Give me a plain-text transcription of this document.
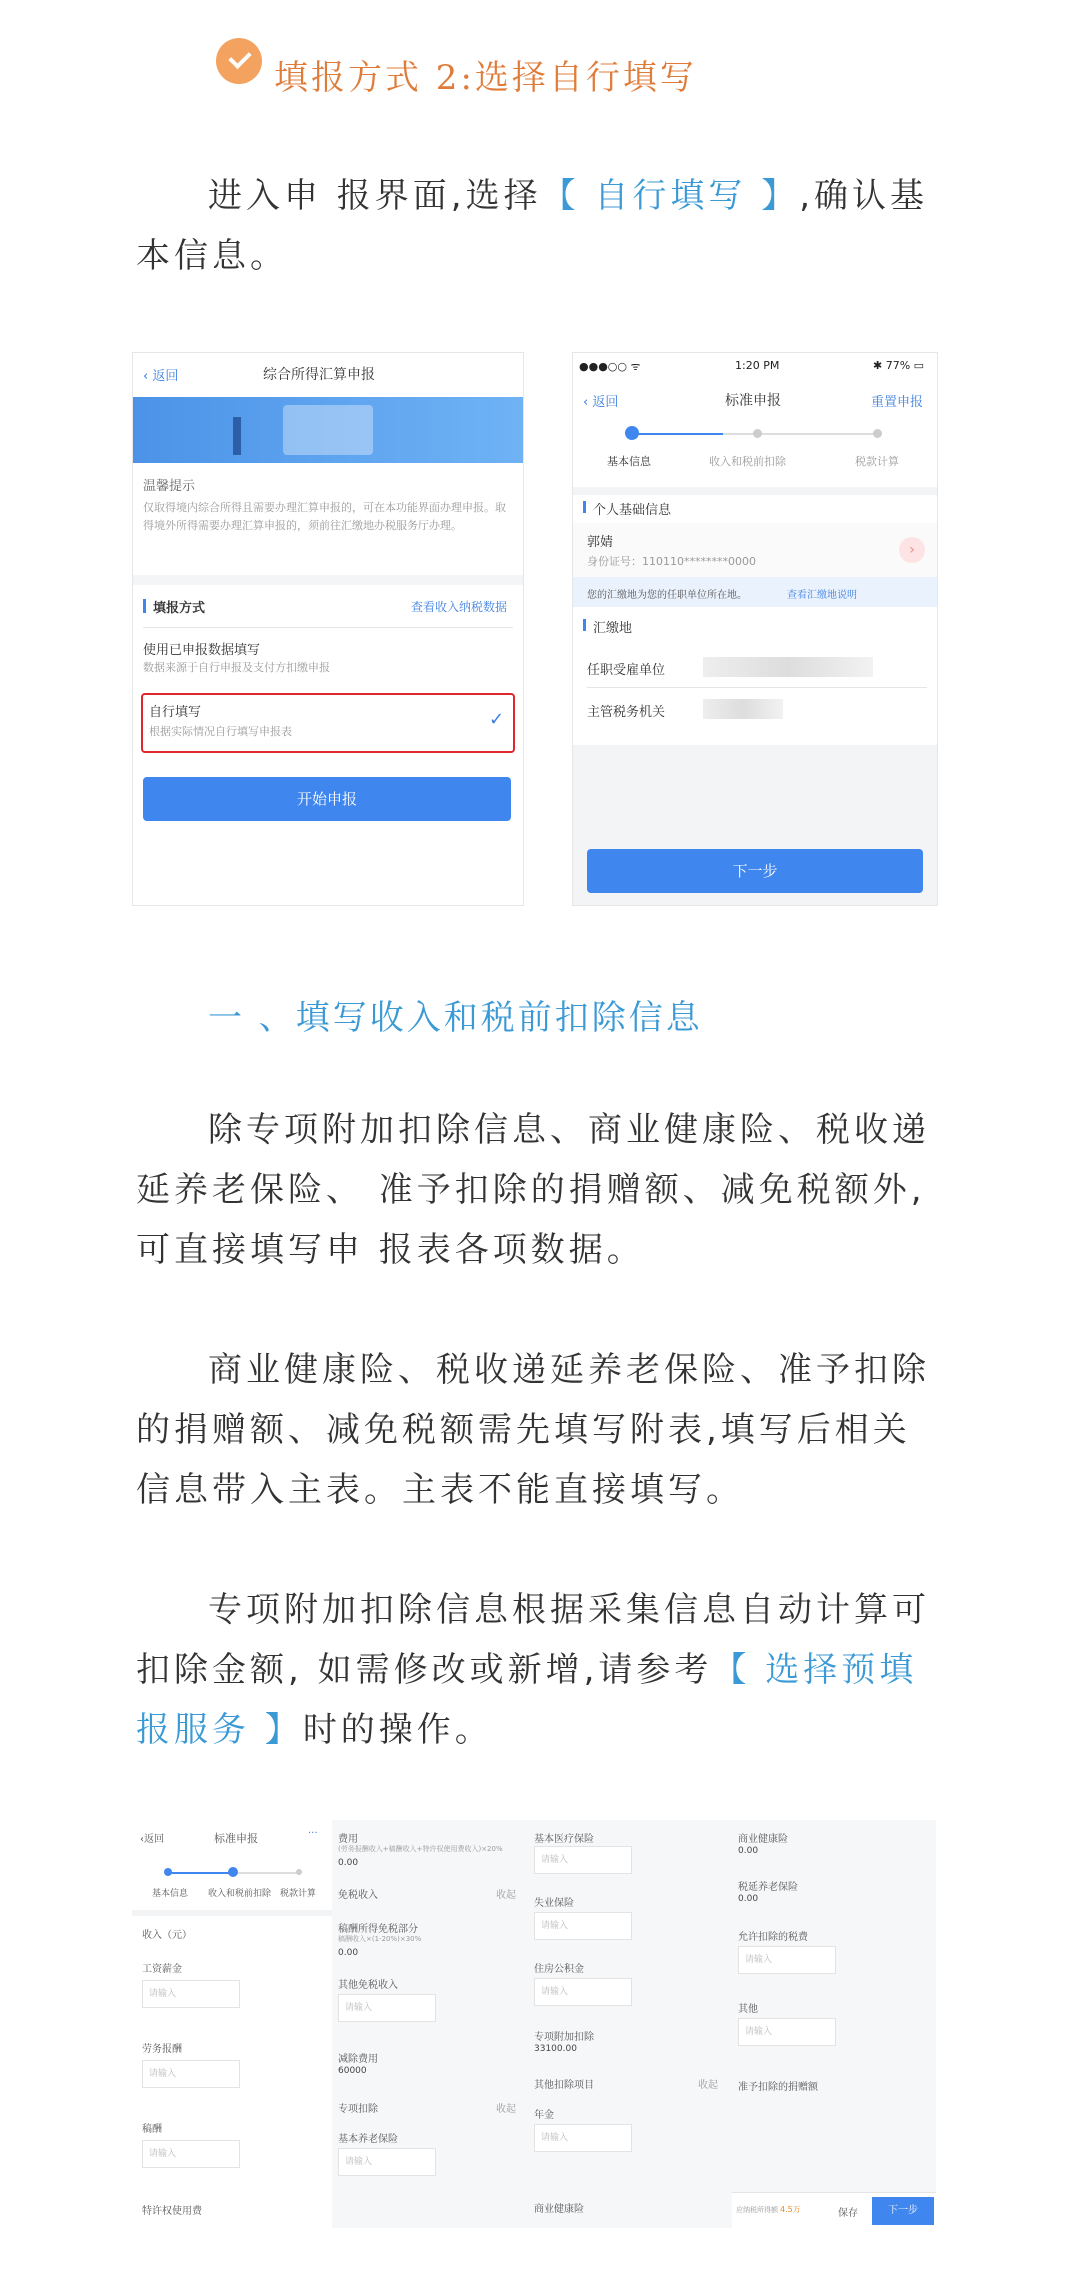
填报方式 2:选择自行填写
进入申 报界面,选择【 自行填写 】,确认基本信息。
‹ 返回	综合所得汇算申报
温馨提示
仅取得境内综合所得且需要办理汇算申报的，可在本功能界面办理申报。取得境外所得需要办理汇算申报的，须前往汇缴地办税服务厅办理。
填报方式	查看收入纳税数据
使用已申报数据填写
数据来源于自行申报及支付方扣缴申报
自行填写
根据实际情况自行填写申报表
✓
开始申报
●●●○○ ᯤ	1:20 PM	✱ 77% ▭
‹ 返回	标准申报	重置申报
基本信息	收入和税前扣除	税款计算
个人基础信息
郭婧
身份证号：110110********0000
›
您的汇缴地为您的任职单位所在地。	查看汇缴地说明
汇缴地
任职受雇单位
主管税务机关
下一步
一 、填写收入和税前扣除信息
除专项附加扣除信息、商业健康险、税收递延养老保险、 准予扣除的捐赠额、减免税额外,可直接填写申 报表各项数据。
商业健康险、税收递延养老保险、准予扣除的捐赠额、减免税额需先填写附表,填写后相关信息带入主表。主表不能直接填写。
专项附加扣除信息根据采集信息自动计算可扣除金额, 如需修改或新增,请参考【 选择预填报服务 】时的操作。
‹返回	标准申报	···
基本信息 收入和税前扣除 税款计算
收入（元）
工资薪金
请输入
劳务报酬
请输入
稿酬
请输入
特许权使用费
费用
(劳务报酬收入+稿酬收入+特许权使用费收入)×20%
0.00
免税收入	收起
稿酬所得免税部分
稿酬收入×(1-20%)×30%
0.00
其他免税收入
请输入
减除费用
60000
专项扣除	收起
基本养老保险
请输入
基本医疗保险
请输入
失业保险
请输入
住房公积金
请输入
专项附加扣除
33100.00
其他扣除项目	收起
年金
请输入
商业健康险
商业健康险
0.00
税延养老保险
0.00
允许扣除的税费
请输入
其他
请输入
准予扣除的捐赠额
应纳税所得额 4.5万	保存	下一步
